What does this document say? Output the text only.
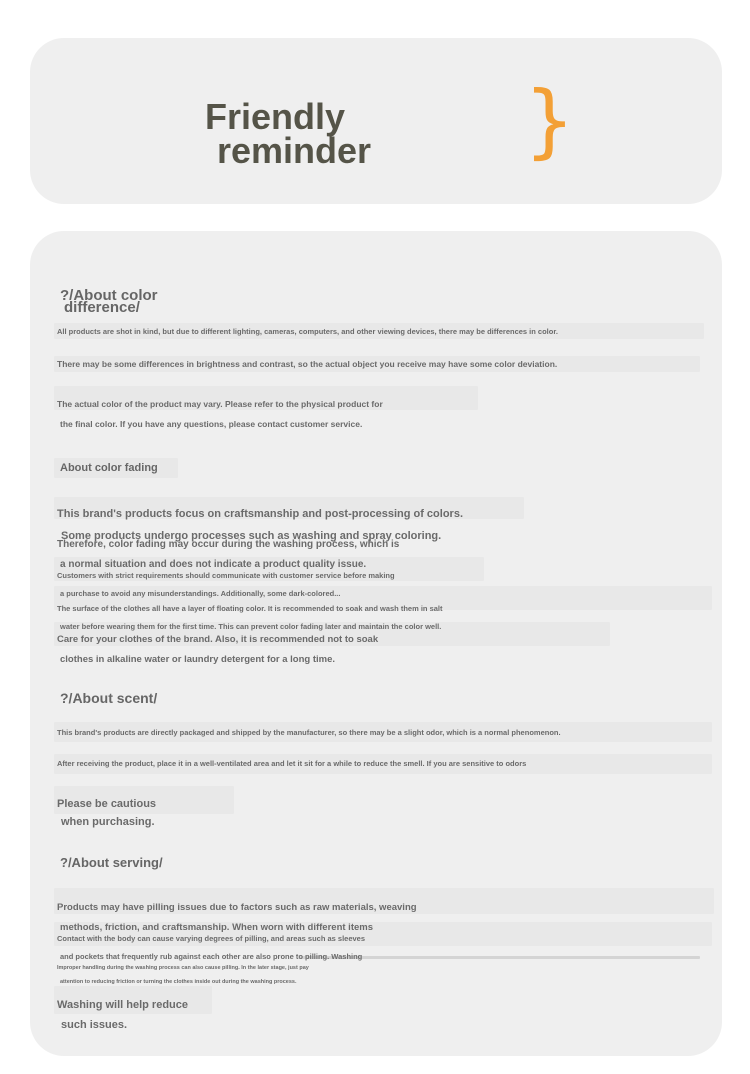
Friendly
reminder }
?/About color
difference/

All products are shot in kind, but due to different lighting, cameras, computers, and other viewing devices, there may be differences in color.

There may be some differences in brightness and contrast, so the actual object you receive may have some color deviation.

The actual color of the product may vary. Please refer to the physical product for

the final color. If you have any questions, please contact customer service.

About color fading

This brand's products focus on craftsmanship and post-processing of colors.

Some products undergo processes such as washing and spray coloring.

Therefore, color fading may occur during the washing process, which is

a normal situation and does not indicate a product quality issue.

Customers with strict requirements should communicate with customer service before making

a purchase to avoid any misunderstandings. Additionally, some dark-colored...

The surface of the clothes all have a layer of floating color. It is recommended to soak and wash them in salt

water before wearing them for the first time. This can prevent color fading later and maintain the color well.

Care for your clothes of the brand. Also, it is recommended not to soak

clothes in alkaline water or laundry detergent for a long time.

?/About scent/

This brand's products are directly packaged and shipped by the manufacturer, so there may be a slight odor, which is a normal phenomenon.

After receiving the product, place it in a well-ventilated area and let it sit for a while to reduce the smell. If you are sensitive to odors

Please be cautious

when purchasing.

?/About serving/

Products may have pilling issues due to factors such as raw materials, weaving

methods, friction, and craftsmanship. When worn with different items

Contact with the body can cause varying degrees of pilling, and areas such as sleeves

and pockets that frequently rub against each other are also prone to pilling. Washing

Improper handling during the washing process can also cause pilling. In the later stage, just pay

attention to reducing friction or turning the clothes inside out during the washing process.

Washing will help reduce

such issues.
